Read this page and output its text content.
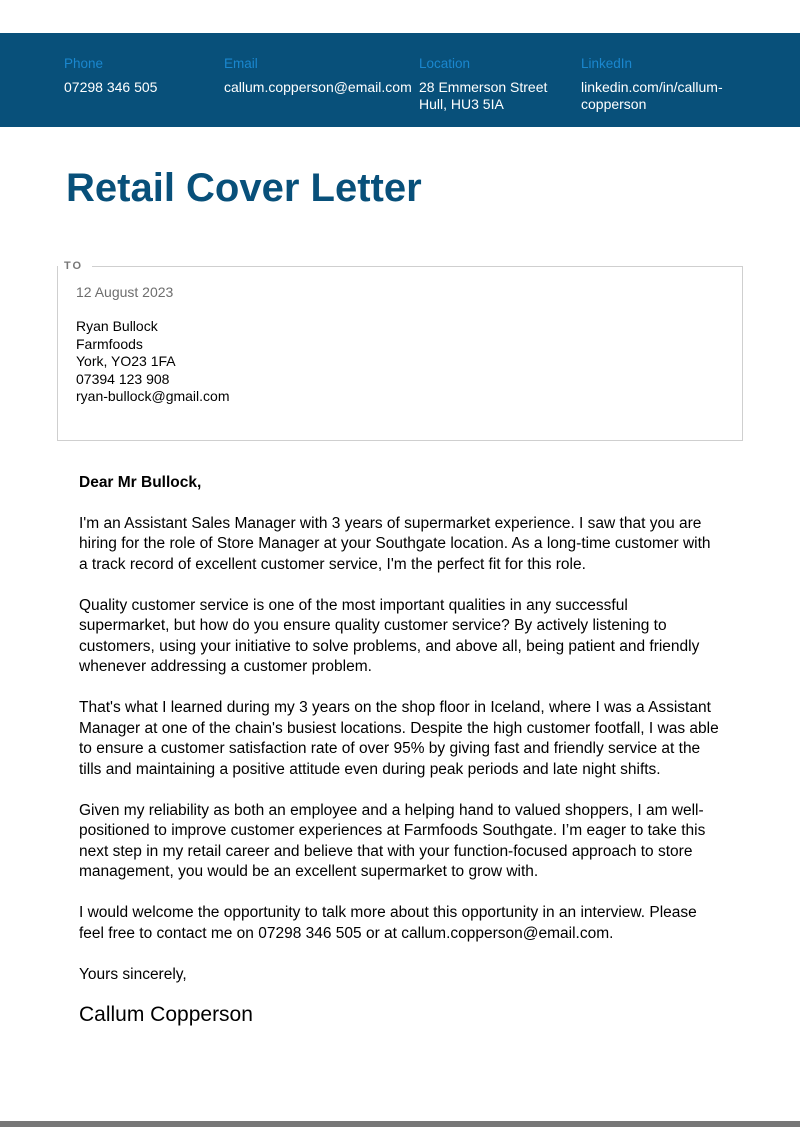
Phone
07298 346 505
Email
callum.copperson@email.com
Location
28 Emmerson Street
Hull, HU3 5IA
LinkedIn
linkedin.com/in/callum-
copperson
Retail Cover Letter
TO
12 August 2023
Ryan Bullock
Farmfoods
York, YO23 1FA
07394 123 908
ryan-bullock@gmail.com

Dear Mr Bullock,

I'm an Assistant Sales Manager with 3 years of supermarket experience. I saw that you are hiring for the role of Store Manager at your Southgate location. As a long-time customer with a track record of excellent customer service, I'm the perfect fit for this role.

Quality customer service is one of the most important qualities in any successful supermarket, but how do you ensure quality customer service? By actively listening to customers, using your initiative to solve problems, and above all, being patient and friendly whenever addressing a customer problem.

That's what I learned during my 3 years on the shop floor in Iceland, where I was a Assistant Manager at one of the chain's busiest locations. Despite the high customer footfall, I was able to ensure a customer satisfaction rate of over 95% by giving fast and friendly service at the tills and maintaining a positive attitude even during peak periods and late night shifts.

Given my reliability as both an employee and a helping hand to valued shoppers, I am well-positioned to improve customer experiences at Farmfoods Southgate. I’m eager to take this next step in my retail career and believe that with your function-focused approach to store management, you would be an excellent supermarket to grow with.

I would welcome the opportunity to talk more about this opportunity in an interview. Please feel free to contact me on 07298 346 505 or at callum.copperson@email.com.

Yours sincerely,

Callum Copperson
